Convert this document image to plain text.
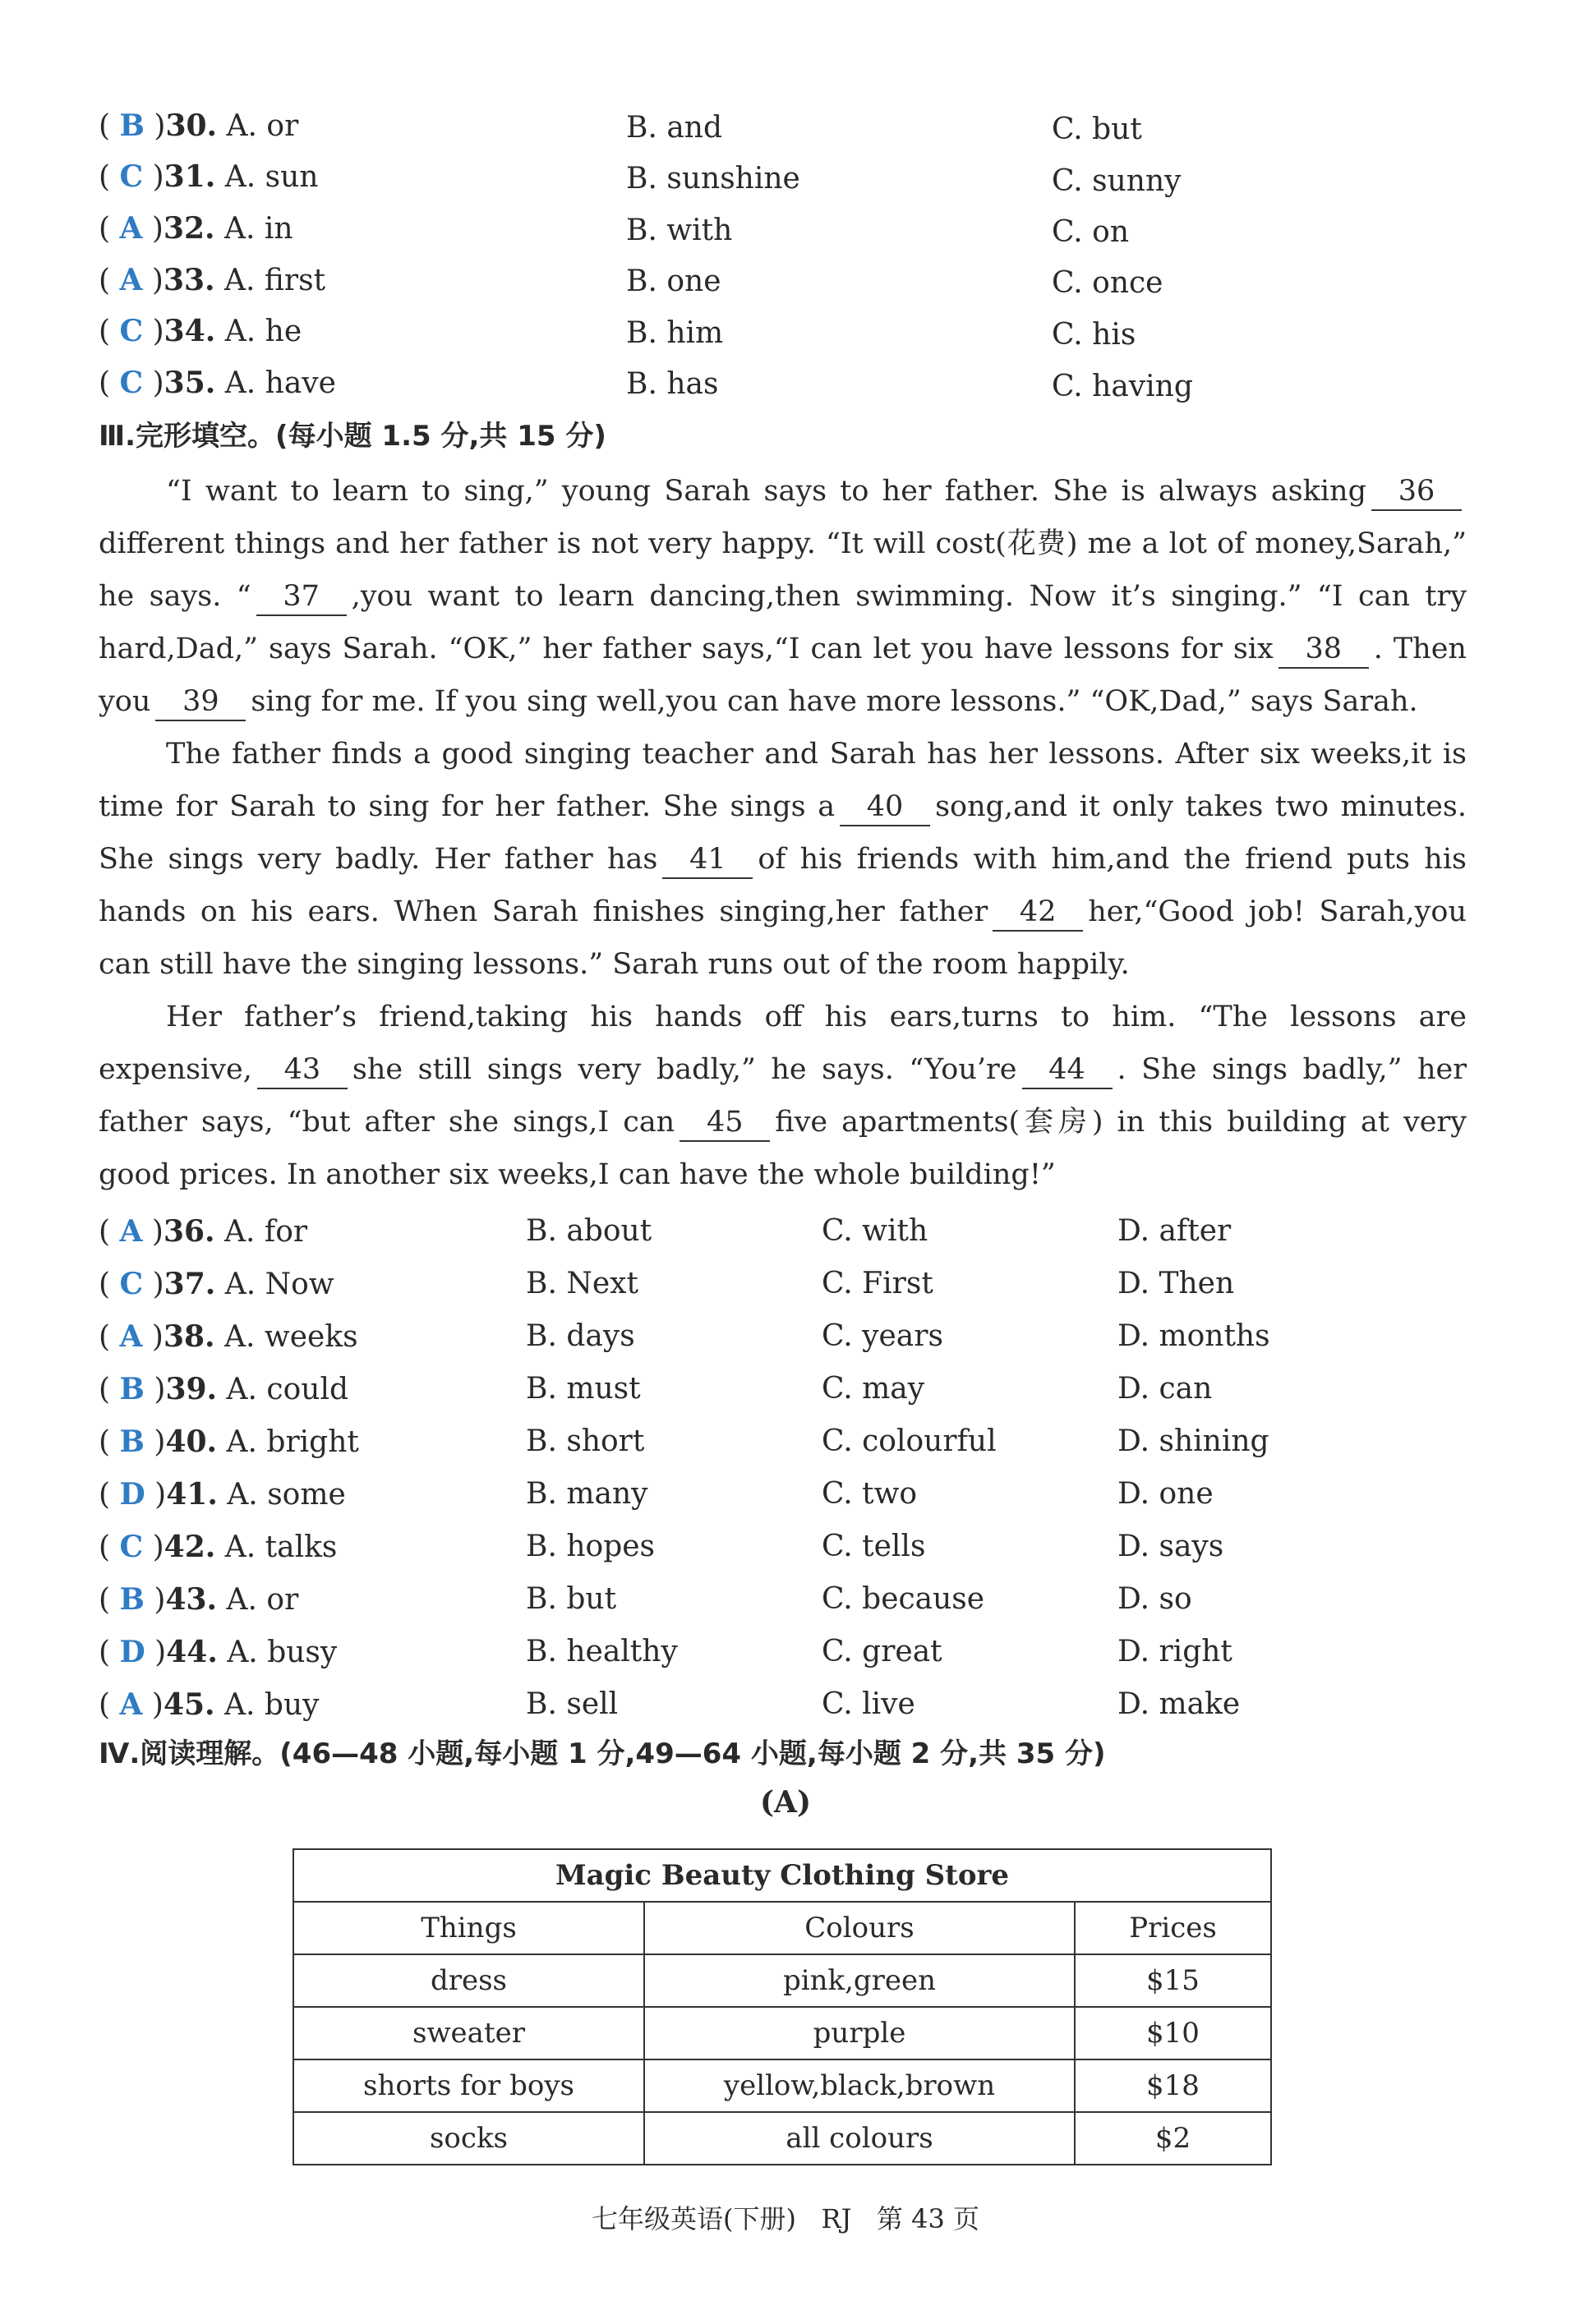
( B )30. A. or	B. and	C. but
( C )31. A. sun	B. sunshine	C. sunny
( A )32. A. in	B. with	C. on
( A )33. A. first	B. one	C. once
( C )34. A. he	B. him	C. his
( C )35. A. have	B. has	C. having
Ⅲ.完形填空。(每小题 1.5 分,共 15 分)
“I want to learn to sing,” young Sarah says to her father. She is always asking 36different things and her father is not very happy. “It will cost(花费) me a lot of money,Sarah,” he says. “ 37 ,you want to learn dancing,then swimming. Now it’s singing.” “I can try hard,Dad,” says Sarah. “OK,” her father says,“I can let you have lessons for six 38 . Then you 39 sing for me. If you sing well,you can have more lessons.” “OK,Dad,” says Sarah.
The father finds a good singing teacher and Sarah has her lessons. After six weeks,it is time for Sarah to sing for her father. She sings a 40 song,and it only takes two minutes. She sings very badly. Her father has 41 of his friends with him,and the friend puts his hands on his ears. When Sarah finishes singing,her father 42 her,“Good job! Sarah,you can still have the singing lessons.” Sarah runs out of the room happily.
Her father’s friend,taking his hands off his ears,turns to him. “The lessons are expensive, 43 she still sings very badly,” he says. “You’re 44 . She sings badly,” her father says, “but after she sings,I can 45 five apartments(套房) in this building at very good prices. In another six weeks,I can have the whole building!”
( A )36. A. for	B. about	C. with	D. after
( C )37. A. Now	B. Next	C. First	D. Then
( A )38. A. weeks	B. days	C. years	D. months
( B )39. A. could	B. must	C. may	D. can
( B )40. A. bright	B. short	C. colourful	D. shining
( D )41. A. some	B. many	C. two	D. one
( C )42. A. talks	B. hopes	C. tells	D. says
( B )43. A. or	B. but	C. because	D. so
( D )44. A. busy	B. healthy	C. great	D. right
( A )45. A. buy	B. sell	C. live	D. make
Ⅳ.阅读理解。(46—48 小题,每小题 1 分,49—64 小题,每小题 2 分,共 35 分)
(A)
Magic Beauty Clothing Store		
Things	Colours	Prices
dress	pink,green	$15
sweater	purple	$10
shorts for boys	yellow,black,brown	$18
socks	all colours	$2
七年级英语(下册)   RJ   第 43 页
